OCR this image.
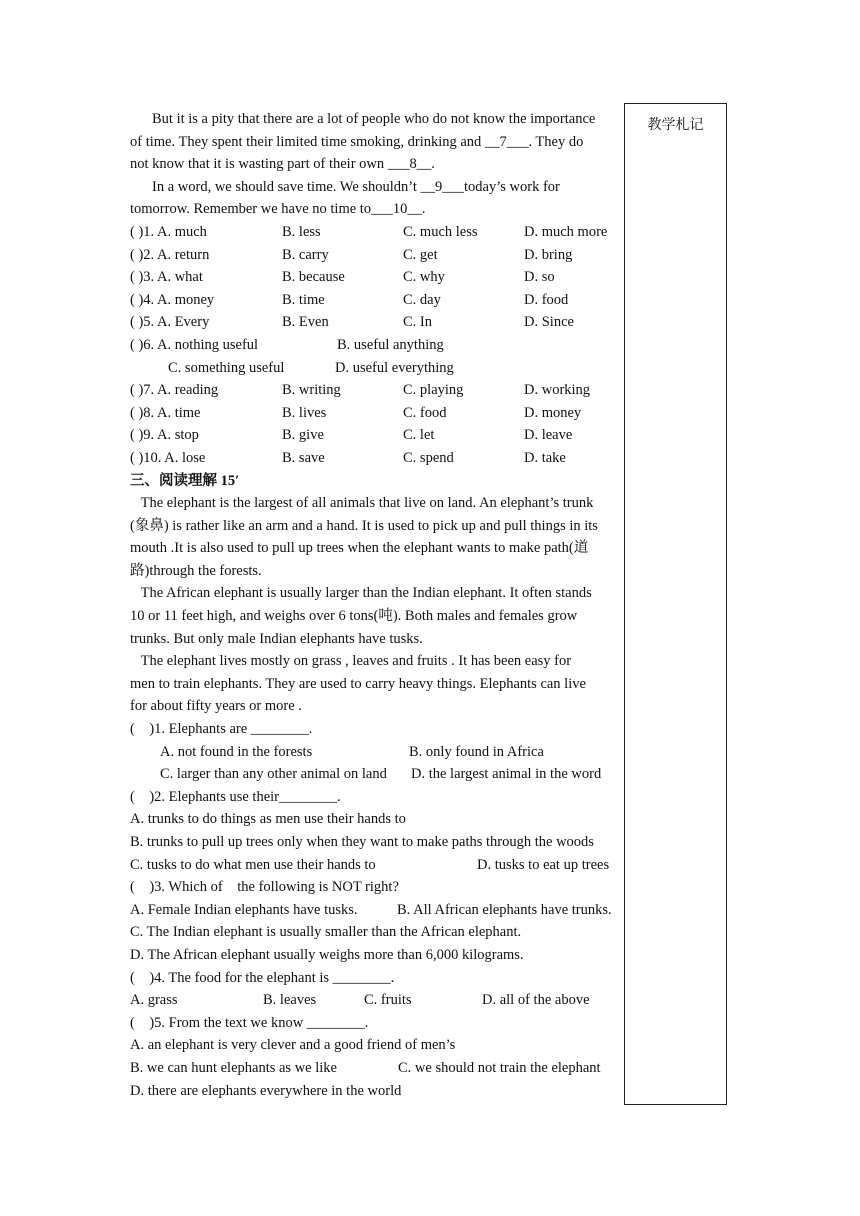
教学札记
But it is a pity that there are a lot of people who do not know the importance
of time. They spent their limited time smoking, drinking and __7___. They do
not know that it is wasting part of their own ___8__.
In a word, we should save time. We shouldn’t __9___today’s work for
tomorrow. Remember we have no time to___10__.
( )1. A. much	B. less	C. much less	D. much more
( )2. A. return	B. carry	C. get	D. bring
( )3. A. what	B. because	C. why	D. so
( )4. A. money	B. time	C. day	D. food
( )5. A. Every	B. Even	C. In	D. Since
( )6. A. nothing useful	B. useful anything
C. something useful	D. useful everything
( )7. A. reading	B. writing	C. playing	D. working
( )8. A. time	B. lives	C. food	D. money
( )9. A. stop	B. give	C. let	D. leave
( )10. A. lose	B. save	C. spend	D. take
三、阅读理解 15′
The elephant is the largest of all animals that live on land. An elephant’s trunk
(象鼻) is rather like an arm and a hand. It is used to pick up and pull things in its
mouth .It is also used to pull up trees when the elephant wants to make path(道
路)through the forests.
The African elephant is usually larger than the Indian elephant. It often stands
10 or 11 feet high, and weighs over 6 tons(吨). Both males and females grow
trunks. But only male Indian elephants have tusks.
The elephant lives mostly on grass , leaves and fruits . It has been easy for
men to train elephants. They are used to carry heavy things. Elephants can live
for about fifty years or more .
(    )1. Elephants are ________.
A. not found in the forests	B. only found in Africa
C. larger than any other animal on land D. the largest animal in the word
(    )2. Elephants use their________.
A. trunks to do things as men use their hands to
B. trunks to pull up trees only when they want to make paths through the woods
C. tusks to do what men use their hands to	D. tusks to eat up trees
(    )3. Which of    the following is NOT right?
A. Female Indian elephants have tusks.	B. All African elephants have trunks.
C. The Indian elephant is usually smaller than the African elephant.
D. The African elephant usually weighs more than 6,000 kilograms.
(    )4. The food for the elephant is ________.
A. grass	B. leaves	C. fruits	D. all of the above
(    )5. From the text we know ________.
A. an elephant is very clever and a good friend of men’s
B. we can hunt elephants as we like	C. we should not train the elephant
D. there are elephants everywhere in the world
